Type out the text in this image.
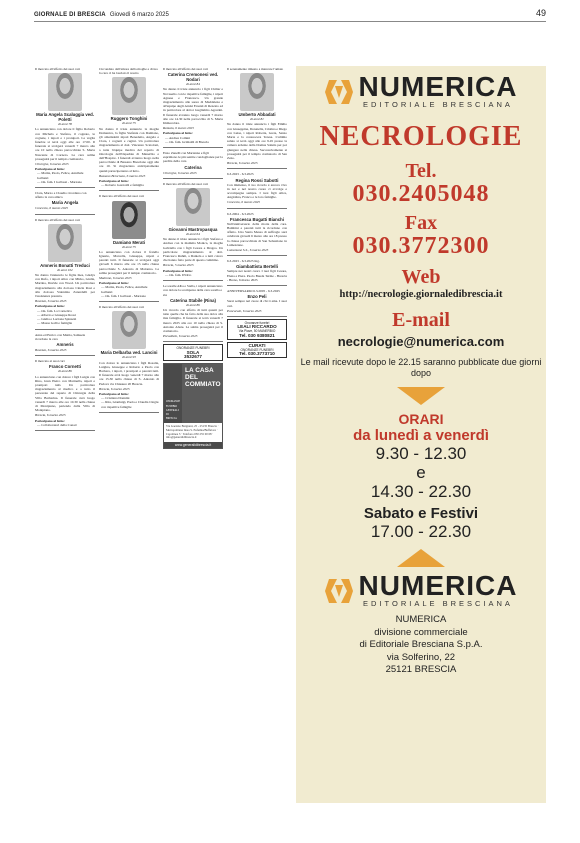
GIORNALE DI BRESCIA Giovedì 6 marzo 2025	49
Il mercato all'affetto dei suoi cari
Maria Angela Scaluggia ved. Poletti
di anni 78
Lo annunciano con dolore il figlio Roberto con Michela e Stefano, il cognato, le cognate, i nipoti e i pronipoti. La veglia funebre si terrà oggi alle ore 17.00. Il funerale si svolgerà venerdì 7 marzo alle ore 10 nella chiesa parrocchiale S. Maria Nascente di Corneto. La cara salma proseguirà per il tempio crematorio.
Cilverghe, 6 marzo 2025
Partecipano al lutto:
— Mattia, Paolo, Felice, Annibale Galluzzi
— On. fam. I Gallossi - Marzano
Clara, Marzo e Claudio ricordano con affetto la cara amica
Maria Angela
Concesio, 6 marzo 2025
Il mercato all'affetto dei suoi cari
Amneris Bonatti Treduci
di anni 102
Ne danno l'annuncio le figlie Ines, Gladys con Rufo, i nipoti Alice con Mirko, Giulia, Martina, Davide con Wood. Un particolare ringraziamento alla dott.ssa Cinzia Rosi e alla dott.ssa Valentina Zanardelli per l'assistenza prestata.
Bovezzo, 6 marzo 2025
Partecipano al lutto:
— On. fam. La Cornelica
— Alberto e Giuseppe Rossi
— Giulia e Luciana Spinazzi
— Massa Galli e famiglia
Anna ed Enrico con Mattia, Samuele ricordano la cara
Amneris
Bovezzo, 6 marzo 2025
Il mercato ai suoi cari
Franco Cornetti
di anni 86
Lo annunciano con dolore i figli Luigia con Rino, Gian Pietro con Marinella, nipoti e pronipoti tutti. Un particolare ringraziamento al medico e a tutto il personale del reparto di Chirurgia della Villa Barbarina. Il funerale avrà luogo venerdì 7 marzo alle ore 10.30 nella chiesa di Montpiano, partendo dalla Villa di Montpiano.
Brescia, 6 marzo 2025
Partecipano al lutto:
— Collaboratori della Conad
Circondato dall'amore della moglie e di tua la cara ci ha lasciato il nostro
Ruggero Tonghini
di anni 75
Ne danno il triste annuncio la moglie Domenica, la figlia Stefania con Damiano, gli amatissimi nipoti Benedetta, Angela e Clara, i cognati e cugini. Un particolare ringraziamento al dott. Vincenzo Scatoloni, a tutta l'équipe medica del reparto di Oncologia dell'Ospedale di Manerbio e dell'Hospice. I funerali avranno luogo nella parrocchiale di Bassano Bresciano oggi alle ore 10. Si ringraziano anticipatamente quanti parteciperanno al lutto.
Bassano Bresciano, 6 marzo 2025
Partecipano al lutto:
— Roberto Gazzoldi e famiglia
Il mercato all'affetto dei suoi cari
Damiano Merati
di anni 75
Lo annunciano con dolore il fratello Ignazio, Marcella, Giuseppe, nipoti e parenti tutti. Il funerale si svolgerà oggi giovedì 6 marzo alle ore 15 nella chiesa parrocchiale S. Antonio di Malonno. La salma proseguirà per il tempio crematorio.
Malonno, 6 marzo 2025
Partecipano al lutto:
— Mattia, Paolo, Felice, Annibale Galluzzi
— On. fam. I Gallossi - Marzano
Il mercato all'affetto dei suoi cari
Maria Delbarba ved. Lancini
di anni 93
Con dolore lo annunciano i figli Rosalia, Luigina, Giuseppe e Roberto e Paolo con Barbara, i nipoti, i pronipoti e parenti tutti. Il funerale avrà luogo venerdì 7 marzo alle ore 15.30 nella chiesa di S. Antonio di Padova via Chiesure 20 Brescia.
Brescia, 6 marzo 2025
Partecipano al lutto:
— Cristiana Donnini
— Rita, Gianluigi, Paola e Claudia Cingiu con rispettive famiglie
Il mercato all'affetto dei suoi cari
Caterina Cremonesi ved. Nodari
di anni 84
Ne danno il triste annuncio i figli Chiliar e Novaselio con le rispettive famiglie, i nipoti Agnese e Francesca. Un grande ringraziamento alle suore di Maddalena e all'équipe degli Arnisi Ersanti di Rezzato ed in particolare al dottor Guglielmo Agostini. Il funerale avranno luogo venerdì 7 marzo alle ore 14.30 nella parrocchia di S. Maria Immacolata.
Rezzato, 6 marzo 2025
Partecipano al lutto:
— Andrea Comini
— On. fam. Grimaldi di Brescia
Enzo Zanelli con Marianna e figli esprimono le più sentite condoglianze per la perdita della cara
Caterina
Cilverghe, 6 marzo 2025
Il mercato all'affetto dei suoi cari
Giovanni Mastropasqua
di anni 64
Ne danno il triste annuncio i figli Stefano e Andrea con la mamma Monica, la moglie Gabriella con i figli Cesare e Dragos. Un particolare ringraziamento al dott. Francesco Ruhm, a Daniela e a tutti coloro che hanno fatto parte di questo cammino.
Brescia, 5 marzo 2025
Partecipano al lutto:
— On. fam. D'Orto
Le sorelle Alba e Stella, i nipoti annunciano con dolore la scomparsa della cara sorella e zia
Caterina Stabile (Rina)
di anni 86
Un ricordo con affetto di tutti quanti per tutte quelle che ha fatto della sua dolce alla mia famiglia. Il funerale si terrà venerdì 7 marzo 2025 alle ore 10 nella chiesa di S. Antonio Abate. La salma proseguirà per il crematorio.
Pievedizio, 6 marzo 2025
ONORANZE FUNEBRI
SOLA
3532677
ONORANZE FUNEBRI GENERALI DI BRESCIA
LA CASA DEL COMMIATO
Via Gaetano Bargnani, 25 - 25135 Brescia · Metropolitana linea S. Eufemia/Buffalora · Capolinea 3 · Telefono 030 255 00 68 · info@generalidibrescia.it
www.generalidibrescia.it
Il serenamente rimasto a mancare l'amato
Umberto Abbadati
di anni 81
Ne danno il triste annuncio i figli Emilio con Giuseppina, Donatella, Cristina e Diego con Luisa, i nipoti Roberta, Greta, Sanzo Maria e la consuocera Teresa. L'ultimo saluto si terrà oggi alle ore 9.45 presso la camera ardente della Domus Salutis per poi giungere nella chiesa. Successivamente si proseguirà per il tempio crematorio di San Zeno.
Brescia, 6 marzo 2025
6.3.2023 - 6.3.2025
Regina Rossi Sabotti
Con immenso, il tuo ricordo è ancora vivo in noi e nel nostro cuore ci avvolge e accompagna sempre. I tuoi figli Alice, Angiolina, Franco e le loro famiglie.
Concesio, 6 marzo 2025
6.3.2004 - 6.3.2025
Francesca Bugatti Bianchi
Nell'anniversario della morte della cara. Bambini e parenti tutti la ricordano con affetto. Una Santa Messa di suffragio sarà celebrata giovedì 6 marzo alle ore 18 presso la chiesa parrocchiale di San Sebastiano in Lumezzane.
Lumezzane S.S., 6 marzo 2025
6.3.2023 - 6.3.2025 Ing.
Giambattista Bertelli
Sempre nei nostri cuori. I tuoi figli Cesare, Elena e Piera. Paolo Bauda Terme - Brescia - Breno, 6 marzo 2025
ANNIVERSARIO 6.3.2005 - 6.3.2025
Enzo Peli
Sarai sempre nel cuore di chi ti ama. I suoi cari.
Poncarale, 6 marzo 2025
Onoranze funebri
LEALI RICCARDO
Via Piave, 50 MANERBIO
Tel. 030 9380821
CURATI
ONORANZE FUNEBRI
Tel. 030.3773710
NUMERICA
EDITORIALE BRESCIANA
NECROLOGIE
Tel.
030.2405048
Fax
030.3772300
Web
http://necrologie.giornaledibrescia.it
E-mail
necrologie@numerica.com
Le mail ricevute dopo le 22.15 saranno pubblicate due giorni dopo
ORARI
da lunedì a venerdì
9.30 - 12.30
e
14.30 - 22.30
Sabato e Festivi
17.00 - 22.30
NUMERICA
EDITORIALE BRESCIANA
NUMERICA
divisione commerciale
di Editoriale Bresciana S.p.A.
via Solferino, 22
25121 BRESCIA
